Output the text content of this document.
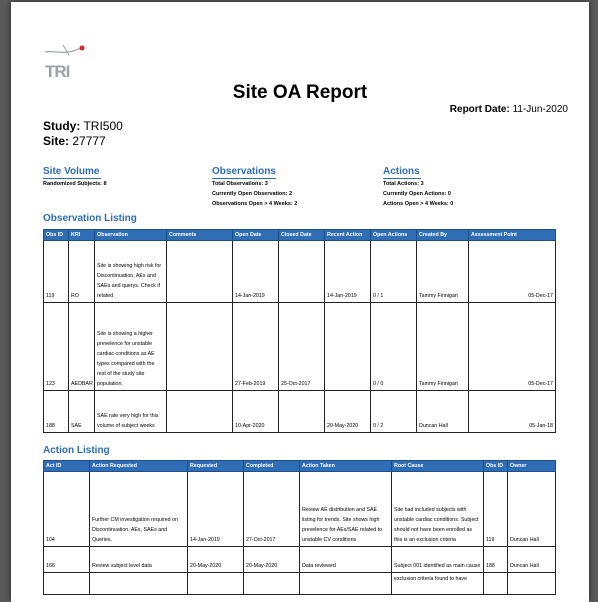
TRI
Site OA Report
Report Date: 11-Jun-2020
Study: TRI500
Site: 27777
Site Volume
Randomized Subjects: 8
Observations
Total Observations: 3
Currently Open Observation: 2
Observations Open > 4 Weeks: 2
Actions
Total Actions: 3
Currently Open Actions: 0
Actions Open > 4 Weeks: 0
Observation Listing
Obs ID	KRI	Observation	Comments	Open Date	Closed Date	Recent Action	Open Actions	Created By	Assessment Point
119	RO	Site is showing high risk for Discontinuation, AEs and SAEs and querys. Check if related		14-Jan-2019		14-Jan-2019	0 / 1	Tammy Finnigan	05-Dec-17
123	AEDBAR	Site is showing a higher prevelence for unstable cardiac conditions as AE types compared with the rest of the study site population.		27-Feb-2019	25-Oct-2017		0 / 0	Tammy Finnigan	05-Dec-17
188	SAE	SAE rate very high for this volume of subject weeks		10-Apr-2020		20-May-2020	0 / 2	Duncan Hall	05-Jan-18
Action Listing
Act ID	Action Requested	Requested	Completed	Action Taken	Root Cause	Obs ID	Owner
104	Further CM investigation required on Discontinuation, AEs, SAEs and Queries.	14-Jan-2019	27-Oct-2017	Review AE distribution and SAE listing for trends. Site shows high prevelence for AEs/SAE related to unstable CV conditions	Site had included subjects with unstable cardiac conditions. Subject should not have been enrolled as this is an exclusion criteria	119	Duncan Hall
166	Review subject level data	20-May-2020	20-May-2020	Data reviewed	Subject 001 identified as main cause	188	Duncan Hall
					exclusion criteria found to have		
